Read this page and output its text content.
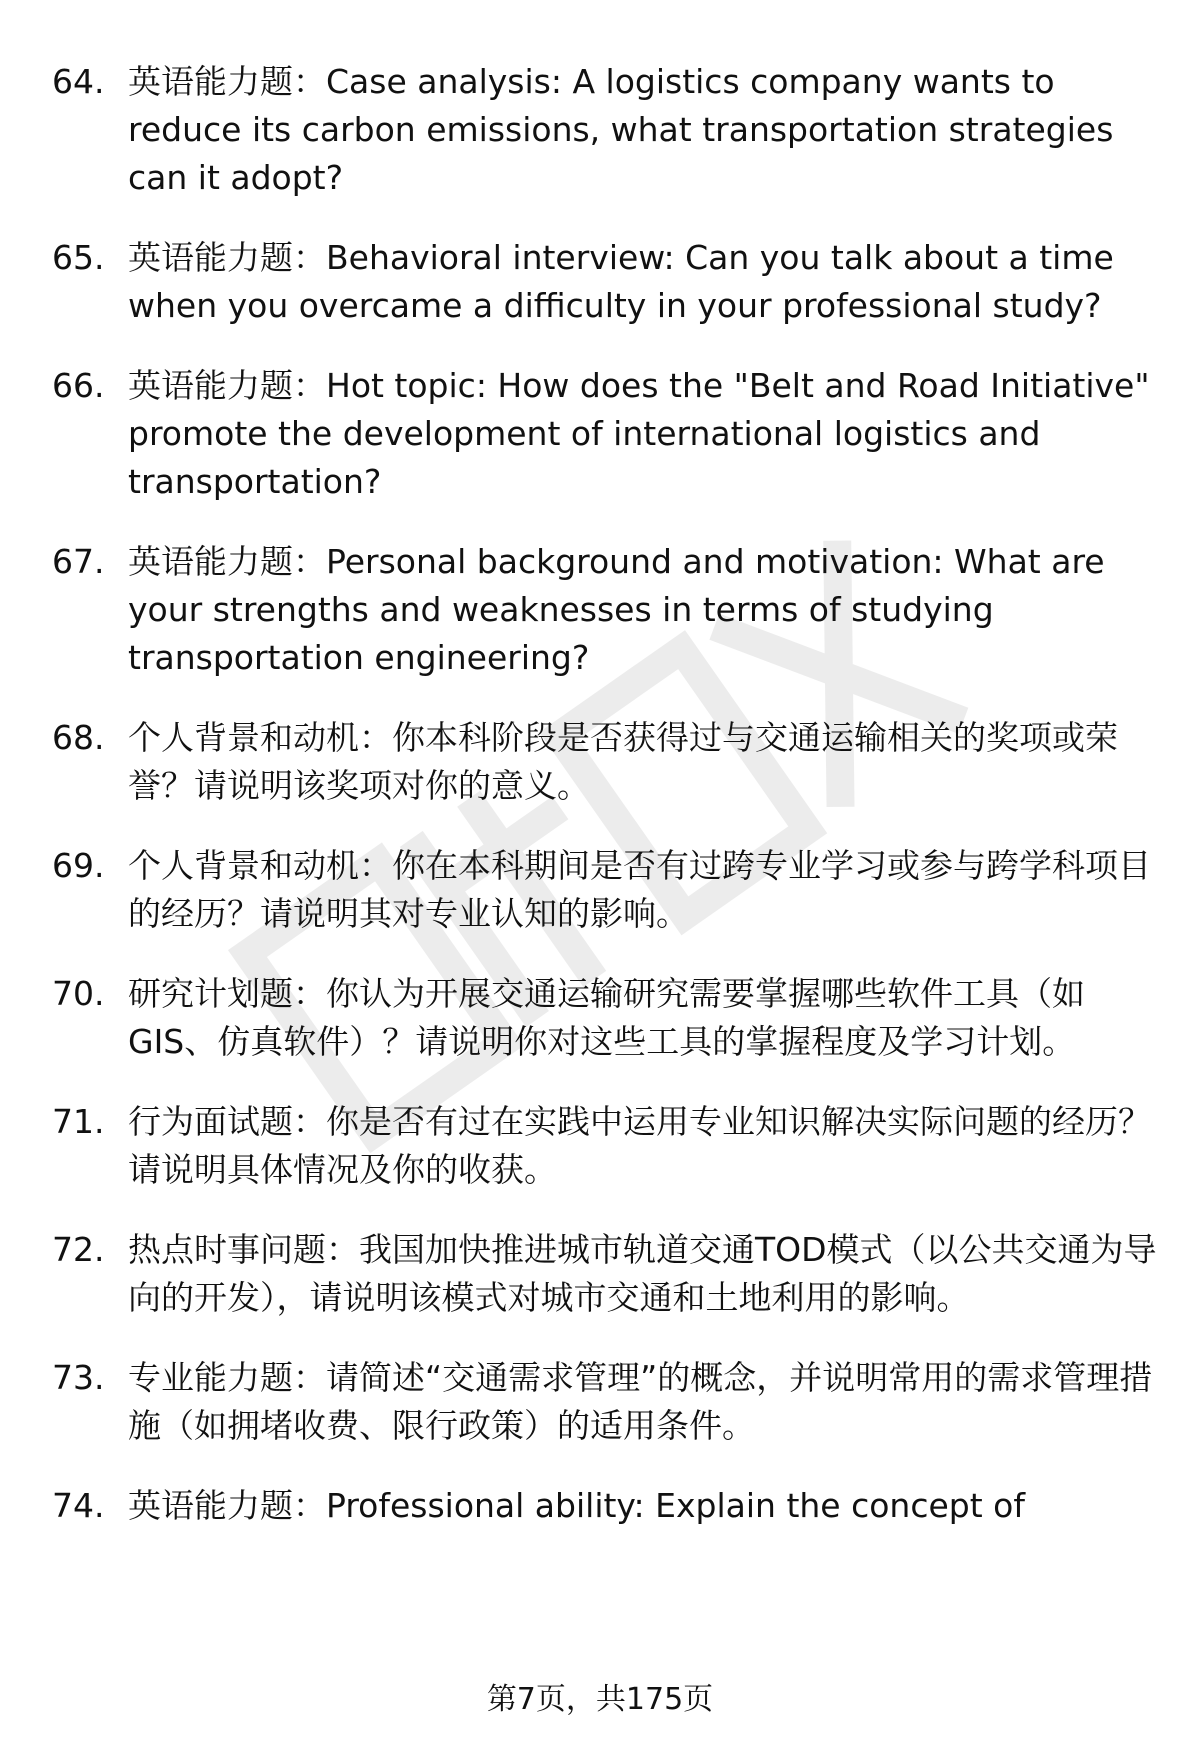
64. 英语能力题：Case analysis: A logistics company wants to reduce its carbon emissions, what transportation strategies can it adopt?
65. 英语能力题：Behavioral interview: Can you talk about a time when you overcame a difficulty in your professional study?
66. 英语能力题：Hot topic: How does the "Belt and Road Initiative" promote the development of international logistics and transportation?
67. 英语能力题：Personal background and motivation: What are your strengths and weaknesses in terms of studying transportation engineering?
68. 个人背景和动机：你本科阶段是否获得过与交通运输相关的奖项或荣誉？请说明该奖项对你的意义。
69. 个人背景和动机：你在本科期间是否有过跨专业学习或参与跨学科项目的经历？请说明其对专业认知的影响。
70. 研究计划题：你认为开展交通运输研究需要掌握哪些软件工具（如GIS、仿真软件）？请说明你对这些工具的掌握程度及学习计划。
71. 行为面试题：你是否有过在实践中运用专业知识解决实际问题的经历？请说明具体情况及你的收获。
72. 热点时事问题：我国加快推进城市轨道交通TOD模式（以公共交通为导向的开发），请说明该模式对城市交通和土地利用的影响。
73. 专业能力题：请简述“交通需求管理”的概念，并说明常用的需求管理措施（如拥堵收费、限行政策）的适用条件。
74. 英语能力题：Professional ability: Explain the concept of
第7页，共175页
